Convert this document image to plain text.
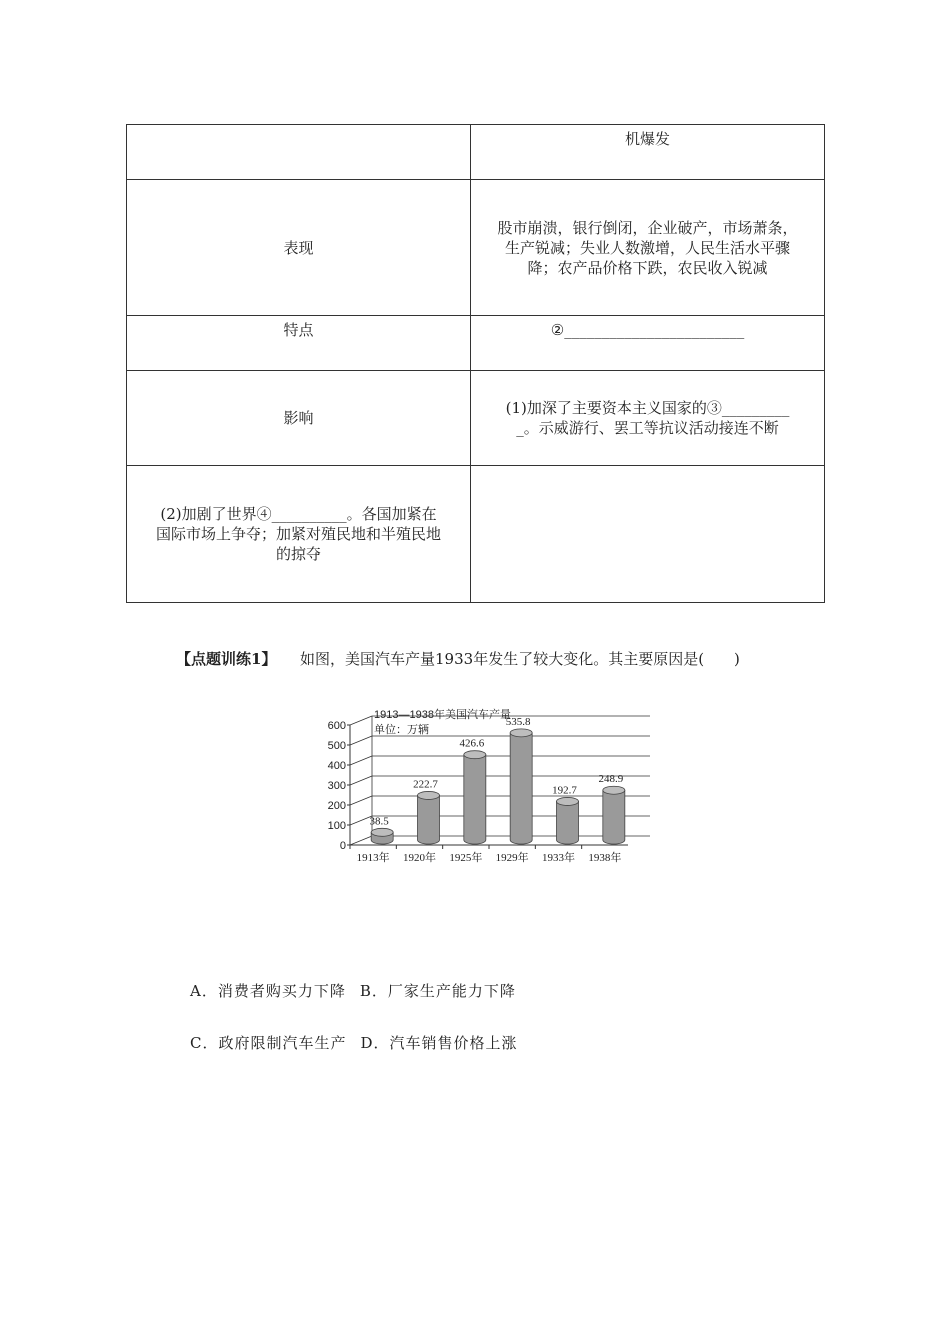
	机爆发
表现	股市崩溃，银行倒闭，企业破产，市场萧条，
生产锐减；失业人数激增，人民生活水平骤
降；农产品价格下跌，农民收入锐减

特点	②________________________
影响	(1)加深了主要资本主义国家的③_________
_。示威游行、罢工等抗议活动接连不断

(2)加剧了世界④__________。各国加紧在
国际市场上争夺；加紧对殖民地和半殖民地
的掠夺	

【点题训练1】 如图，美国汽车产量1933年发生了较大变化。其主要原因是(　　)
0
100
200
300
400
500
600
1913年 1920年 1925年 1929年 1933年 1938年
38.5
222.7
426.6
535.8
192.7
248.9
1913—1938年美国汽车产量
单位：万辆
A．消费者购买力下降 B．厂家生产能力下降
C．政府限制汽车生产 D．汽车销售价格上涨
